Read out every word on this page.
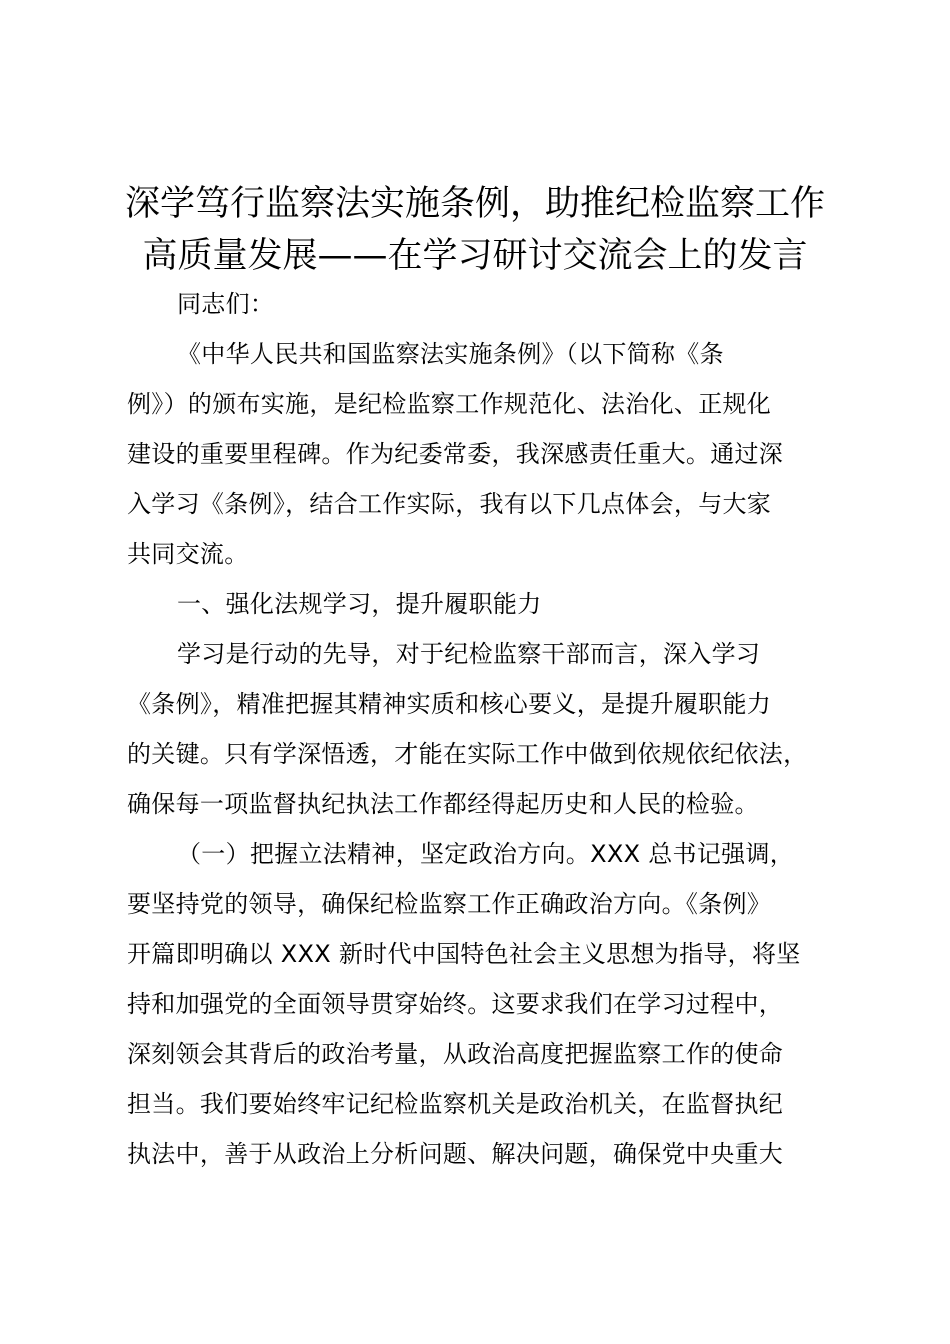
深学笃行监察法实施条例，助推纪检监察工作
高质量发展——在学习研讨交流会上的发言
同志们：
《中华人民共和国监察法实施条例》（以下简称《条
例》）的颁布实施，是纪检监察工作规范化、法治化、正规化
建设的重要里程碑。作为纪委常委，我深感责任重大。通过深
入学习《条例》，结合工作实际，我有以下几点体会，与大家
共同交流。
一、强化法规学习，提升履职能力
学习是行动的先导，对于纪检监察干部而言，深入学习
《条例》，精准把握其精神实质和核心要义，是提升履职能力
的关键。只有学深悟透，才能在实际工作中做到依规依纪依法，
确保每一项监督执纪执法工作都经得起历史和人民的检验。
（一）把握立法精神，坚定政治方向。XXX 总书记强调，
要坚持党的领导，确保纪检监察工作正确政治方向。《条例》
开篇即明确以 XXX 新时代中国特色社会主义思想为指导，将坚
持和加强党的全面领导贯穿始终。这要求我们在学习过程中，
深刻领会其背后的政治考量，从政治高度把握监察工作的使命
担当。我们要始终牢记纪检监察机关是政治机关，在监督执纪
执法中，善于从政治上分析问题、解决问题，确保党中央重大
